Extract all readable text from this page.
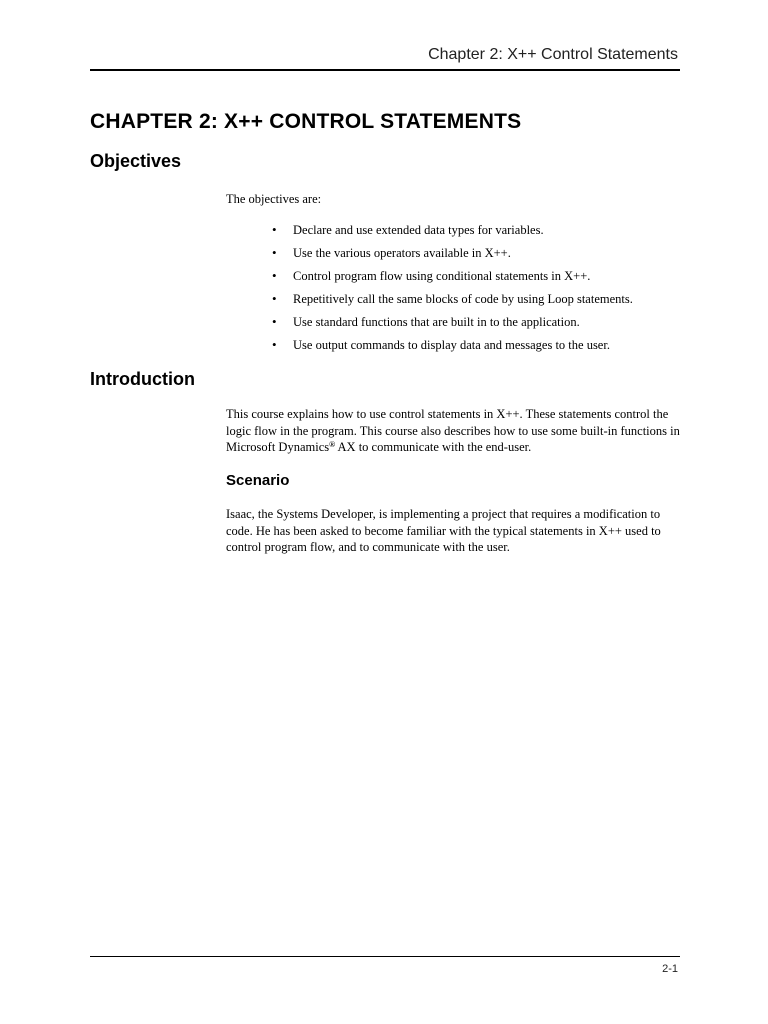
Chapter 2: X++ Control Statements
CHAPTER 2: X++ CONTROL STATEMENTS
Objectives

The objectives are:

• Declare and use extended data types for variables.
• Use the various operators available in X++.
• Control program flow using conditional statements in X++.
• Repetitively call the same blocks of code by using Loop statements.
• Use standard functions that are built in to the application.
• Use output commands to display data and messages to the user.
Introduction

This course explains how to use control statements in X++. These statements control the logic flow in the program. This course also describes how to use some built-in functions in Microsoft Dynamics® AX to communicate with the end-user.

Scenario

Isaac, the Systems Developer, is implementing a project that requires a modification to code. He has been asked to become familiar with the typical statements in X++ used to control program flow, and to communicate with the user.

2-1
